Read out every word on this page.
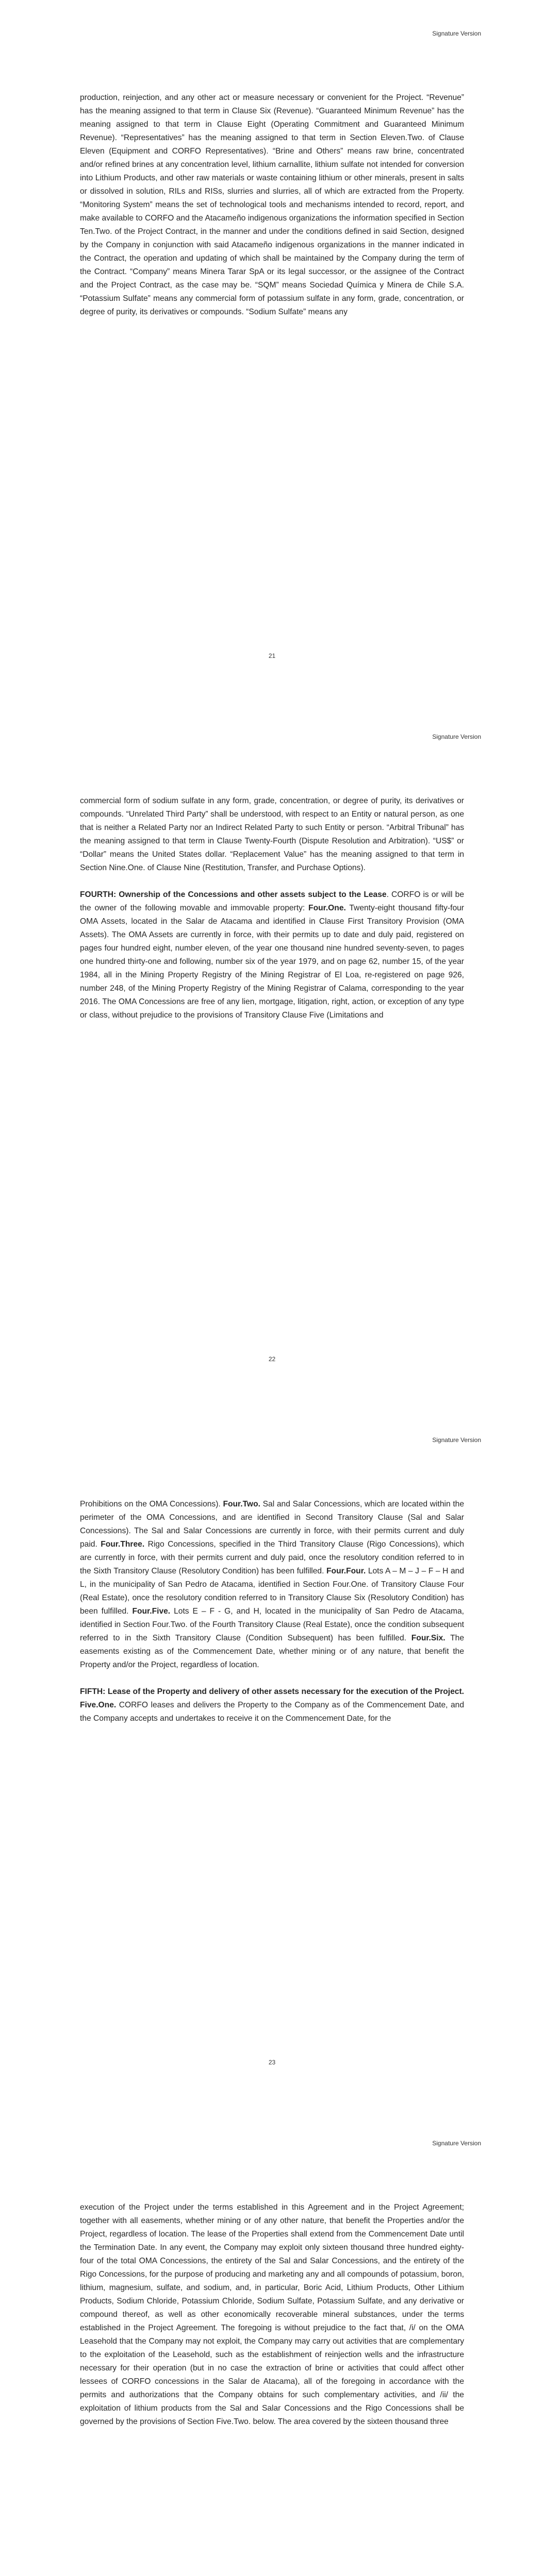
Signature Version

production, reinjection, and any other act or measure necessary or convenient for the Project. “Revenue” has the meaning assigned to that term in Clause Six (Revenue). “Guaranteed Minimum Revenue” has the meaning assigned to that term in Clause Eight (Operating Commitment and Guaranteed Minimum Revenue). “Representatives” has the meaning assigned to that term in Section Eleven.Two. of Clause Eleven (Equipment and CORFO Representatives). “Brine and Others” means raw brine, concentrated and/or refined brines at any concentration level, lithium carnallite, lithium sulfate not intended for conversion into Lithium Products, and other raw materials or waste containing lithium or other minerals, present in salts or dissolved in solution, RILs and RISs, slurries and slurries, all of which are extracted from the Property. “Monitoring System” means the set of technological tools and mechanisms intended to record, report, and make available to CORFO and the Atacameño indigenous organizations the information specified in Section Ten.Two. of the Project Contract, in the manner and under the conditions defined in said Section, designed by the Company in conjunction with said Atacameño indigenous organizations in the manner indicated in the Contract, the operation and updating of which shall be maintained by the Company during the term of the Contract. “Company” means Minera Tarar SpA or its legal successor, or the assignee of the Contract and the Project Contract, as the case may be. “SQM” means Sociedad Química y Minera de Chile S.A. “Potassium Sulfate” means any commercial form of potassium sulfate in any form, grade, concentration, or degree of purity, its derivatives or compounds. “Sodium Sulfate” means any

21
Signature Version

commercial form of sodium sulfate in any form, grade, concentration, or degree of purity, its derivatives or compounds. “Unrelated Third Party” shall be understood, with respect to an Entity or natural person, as one that is neither a Related Party nor an Indirect Related Party to such Entity or person. “Arbitral Tribunal” has the meaning assigned to that term in Clause Twenty-Fourth (Dispute Resolution and Arbitration). “US$” or “Dollar” means the United States dollar. “Replacement Value” has the meaning assigned to that term in Section Nine.One. of Clause Nine (Restitution, Transfer, and Purchase Options).

FOURTH: Ownership of the Concessions and other assets subject to the Lease. CORFO is or will be the owner of the following movable and immovable property: Four.One. Twenty-eight thousand fifty-four OMA Assets, located in the Salar de Atacama and identified in Clause First Transitory Provision (OMA Assets). The OMA Assets are currently in force, with their permits up to date and duly paid, registered on pages four hundred eight, number eleven, of the year one thousand nine hundred seventy-seven, to pages one hundred thirty-one and following, number six of the year 1979, and on page 62, number 15, of the year 1984, all in the Mining Property Registry of the Mining Registrar of El Loa, re-registered on page 926, number 248, of the Mining Property Registry of the Mining Registrar of Calama, corresponding to the year 2016. The OMA Concessions are free of any lien, mortgage, litigation, right, action, or exception of any type or class, without prejudice to the provisions of Transitory Clause Five (Limitations and

22
Signature Version

Prohibitions on the OMA Concessions). Four.Two. Sal and Salar Concessions, which are located within the perimeter of the OMA Concessions, and are identified in Second Transitory Clause (Sal and Salar Concessions). The Sal and Salar Concessions are currently in force, with their permits current and duly paid. Four.Three. Rigo Concessions, specified in the Third Transitory Clause (Rigo Concessions), which are currently in force, with their permits current and duly paid, once the resolutory condition referred to in the Sixth Transitory Clause (Resolutory Condition) has been fulfilled. Four.Four. Lots A – M – J – F – H and L, in the municipality of San Pedro de Atacama, identified in Section Four.One. of Transitory Clause Four (Real Estate), once the resolutory condition referred to in Transitory Clause Six (Resolutory Condition) has been fulfilled. Four.Five. Lots E – F - G, and H, located in the municipality of San Pedro de Atacama, identified in Section Four.Two. of the Fourth Transitory Clause (Real Estate), once the condition subsequent referred to in the Sixth Transitory Clause (Condition Subsequent) has been fulfilled. Four.Six. The easements existing as of the Commencement Date, whether mining or of any nature, that benefit the Property and/or the Project, regardless of location.

FIFTH: Lease of the Property and delivery of other assets necessary for the execution of the Project. Five.One. CORFO leases and delivers the Property to the Company as of the Commencement Date, and the Company accepts and undertakes to receive it on the Commencement Date, for the

23
Signature Version

execution of the Project under the terms established in this Agreement and in the Project Agreement; together with all easements, whether mining or of any other nature, that benefit the Properties and/or the Project, regardless of location. The lease of the Properties shall extend from the Commencement Date until the Termination Date. In any event, the Company may exploit only sixteen thousand three hundred eighty-four of the total OMA Concessions, the entirety of the Sal and Salar Concessions, and the entirety of the Rigo Concessions, for the purpose of producing and marketing any and all compounds of potassium, boron, lithium, magnesium, sulfate, and sodium, and, in particular, Boric Acid, Lithium Products, Other Lithium Products, Sodium Chloride, Potassium Chloride, Sodium Sulfate, Potassium Sulfate, and any derivative or compound thereof, as well as other economically recoverable mineral substances, under the terms established in the Project Agreement. The foregoing is without prejudice to the fact that, /i/ on the OMA Leasehold that the Company may not exploit, the Company may carry out activities that are complementary to the exploitation of the Leasehold, such as the establishment of reinjection wells and the infrastructure necessary for their operation (but in no case the extraction of brine or activities that could affect other lessees of CORFO concessions in the Salar de Atacama), all of the foregoing in accordance with the permits and authorizations that the Company obtains for such complementary activities, and /ii/ the exploitation of lithium products from the Sal and Salar Concessions and the Rigo Concessions shall be governed by the provisions of Section Five.Two. below. The area covered by the sixteen thousand three
